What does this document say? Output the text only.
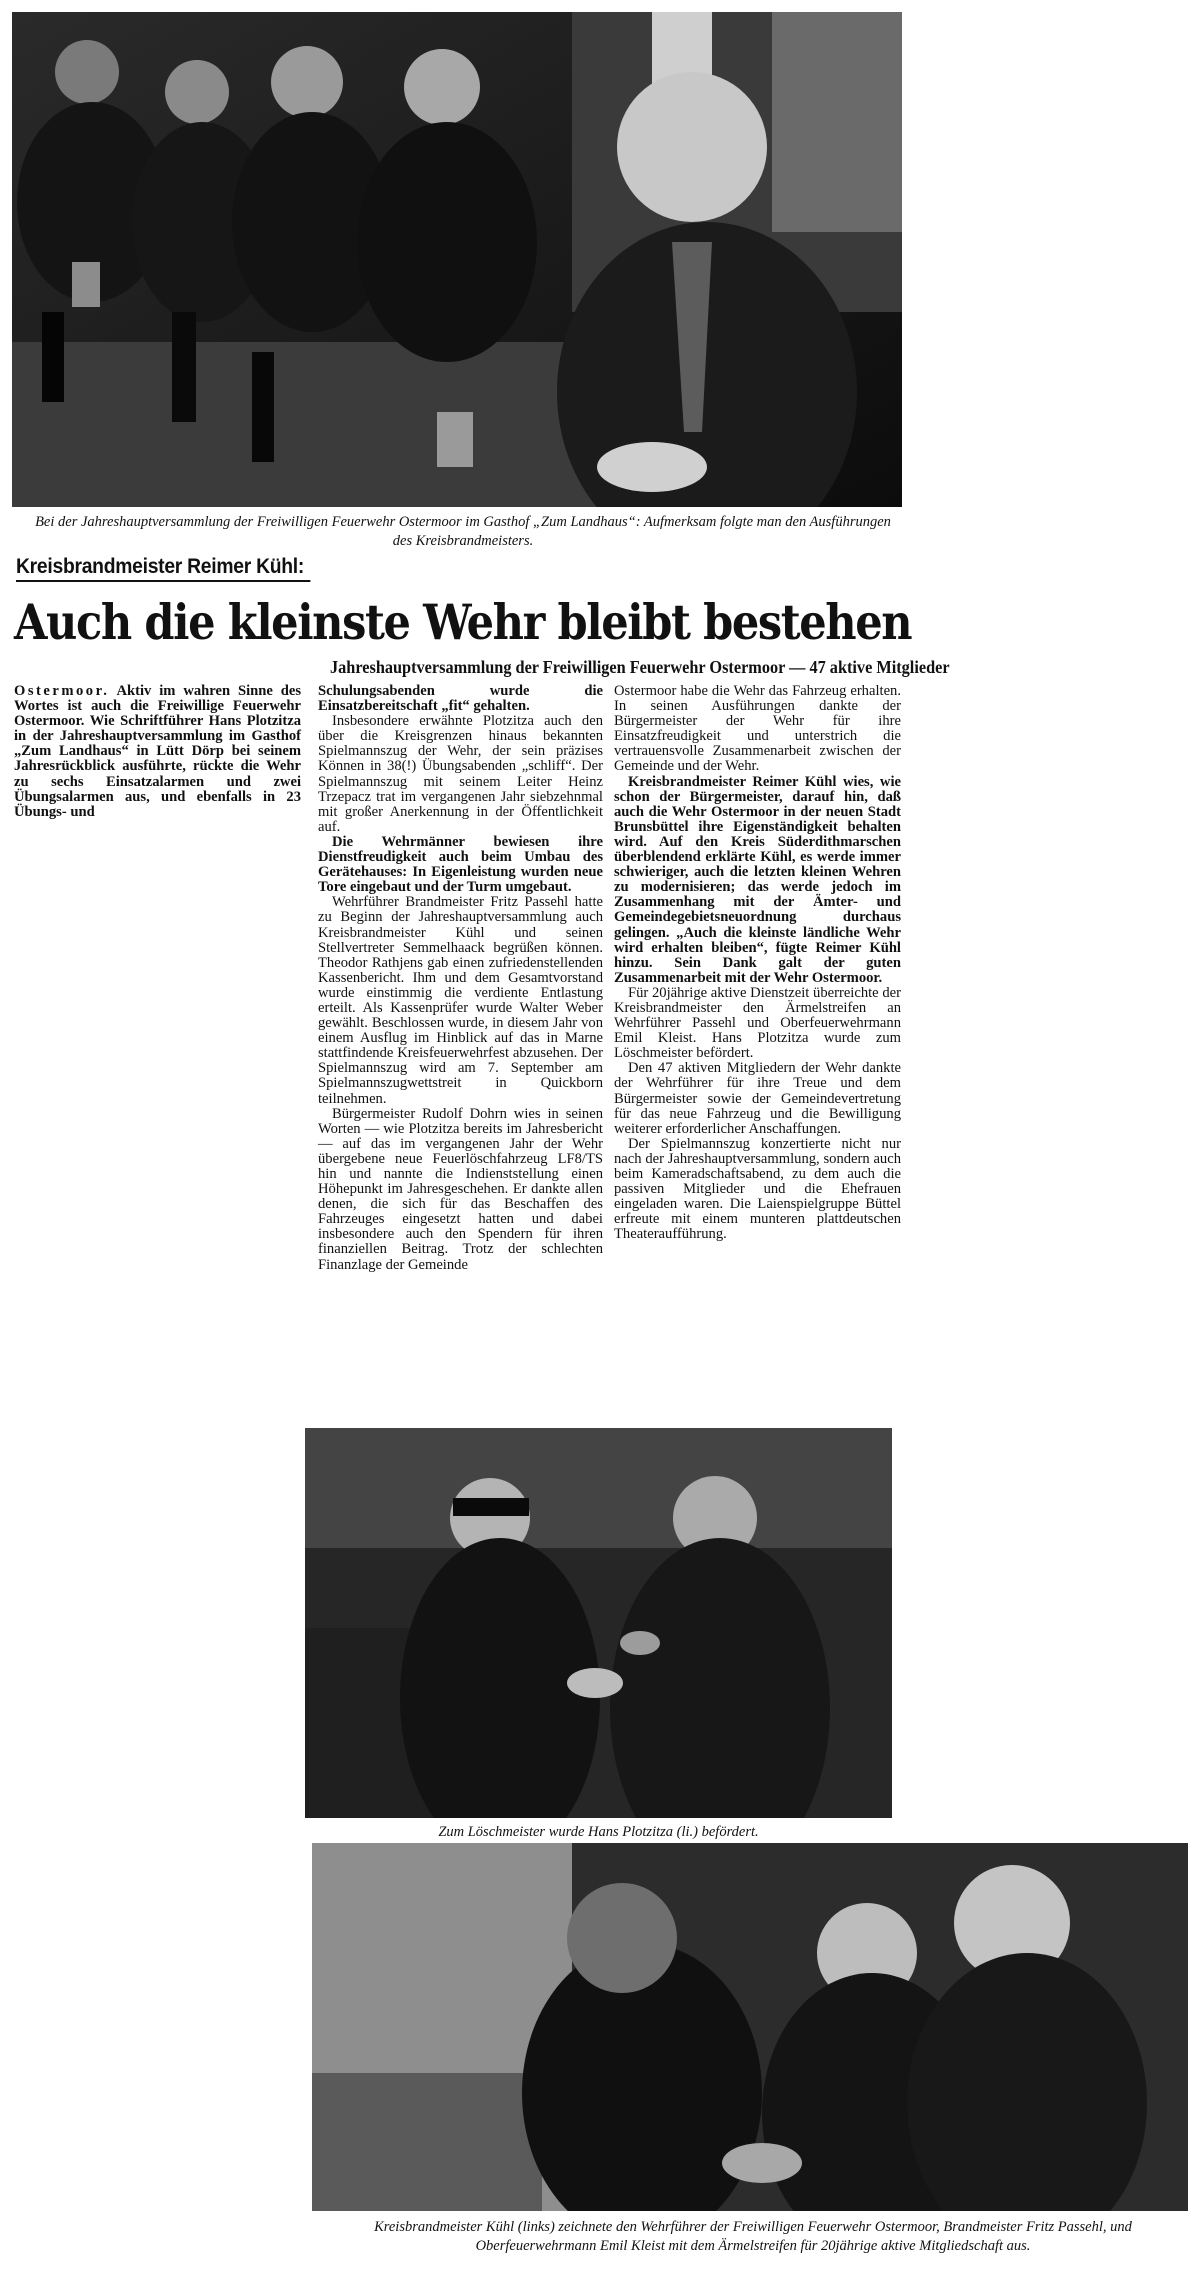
Bei der Jahreshauptversammlung der Freiwilligen Feuerwehr Ostermoor im Gasthof „Zum Landhaus“: Aufmerksam folgte man den Ausführungen des Kreisbrandmeisters.
Kreisbrandmeister Reimer Kühl:
Auch die kleinste Wehr bleibt bestehen
Jahreshauptversammlung der Freiwilligen Feuerwehr Ostermoor — 47 aktive Mitglieder

Ostermoor. Aktiv im wahren Sinne des Wortes ist auch die Freiwillige Feuerwehr Ostermoor. Wie Schriftführer Hans Plotzitza in der Jahreshauptversammlung im Gasthof „Zum Landhaus“ in Lütt Dörp bei seinem Jahresrückblick ausführte, rückte die Wehr zu sechs Einsatzalarmen und zwei Übungsalarmen aus, und ebenfalls in 23 Übungs- und

Schulungsabenden wurde die Einsatzbereitschaft „fit“ gehalten.

Insbesondere erwähnte Plotzitza auch den über die Kreisgrenzen hinaus bekannten Spielmannszug der Wehr, der sein präzises Können in 38(!) Übungsabenden „schliff“. Der Spielmannszug mit seinem Leiter Heinz Trzepacz trat im vergangenen Jahr siebzehnmal mit großer Anerkennung in der Öffentlichkeit auf.

Die Wehrmänner bewiesen ihre Dienstfreudigkeit auch beim Umbau des Gerätehauses: In Eigenleistung wurden neue Tore eingebaut und der Turm umgebaut.

Wehrführer Brandmeister Fritz Passehl hatte zu Beginn der Jahreshauptversammlung auch Kreisbrandmeister Kühl und seinen Stellvertreter Semmelhaack begrüßen können. Theodor Rathjens gab einen zufriedenstellenden Kassenbericht. Ihm und dem Gesamtvorstand wurde einstimmig die verdiente Entlastung erteilt. Als Kassenprüfer wurde Walter Weber gewählt. Beschlossen wurde, in diesem Jahr von einem Ausflug im Hinblick auf das in Marne stattfindende Kreisfeuerwehrfest abzusehen. Der Spielmannszug wird am 7. September am Spielmannszugwettstreit in Quickborn teilnehmen.

Bürgermeister Rudolf Dohrn wies in seinen Worten — wie Plotzitza bereits im Jahresbericht — auf das im vergangenen Jahr der Wehr übergebene neue Feuerlöschfahrzeug LF8/TS hin und nannte die Indienststellung einen Höhepunkt im Jahresgeschehen. Er dankte allen denen, die sich für das Beschaffen des Fahrzeuges eingesetzt hatten und dabei insbesondere auch den Spendern für ihren finanziellen Beitrag. Trotz der schlechten Finanzlage der Gemeinde

Ostermoor habe die Wehr das Fahrzeug erhalten. In seinen Ausführungen dankte der Bürgermeister der Wehr für ihre Einsatzfreudigkeit und unterstrich die vertrauensvolle Zusammenarbeit zwischen der Gemeinde und der Wehr.

Kreisbrandmeister Reimer Kühl wies, wie schon der Bürgermeister, darauf hin, daß auch die Wehr Ostermoor in der neuen Stadt Brunsbüttel ihre Eigenständigkeit behalten wird. Auf den Kreis Süderdithmarschen überblendend erklärte Kühl, es werde immer schwieriger, auch die letzten kleinen Wehren zu modernisieren; das werde jedoch im Zusammenhang mit der Ämter- und Gemeindegebietsneuordnung durchaus gelingen. „Auch die kleinste ländliche Wehr wird erhalten bleiben“, fügte Reimer Kühl hinzu. Sein Dank galt der guten Zusammenarbeit mit der Wehr Ostermoor.

Für 20jährige aktive Dienstzeit überreichte der Kreisbrandmeister den Ärmelstreifen an Wehrführer Passehl und Oberfeuerwehrmann Emil Kleist. Hans Plotzitza wurde zum Löschmeister befördert.

Den 47 aktiven Mitgliedern der Wehr dankte der Wehrführer für ihre Treue und dem Bürgermeister sowie der Gemeindevertretung für das neue Fahrzeug und die Bewilligung weiterer erforderlicher Anschaffungen.

Der Spielmannszug konzertierte nicht nur nach der Jahreshauptversammlung, sondern auch beim Kameradschaftsabend, zu dem auch die passiven Mitglieder und die Ehefrauen eingeladen waren. Die Laienspielgruppe Büttel erfreute mit einem munteren plattdeutschen Theateraufführung.

Zum Löschmeister wurde Hans Plotzitza (li.) befördert.
Kreisbrandmeister Kühl (links) zeichnete den Wehrführer der Freiwilligen Feuerwehr Ostermoor, Brandmeister Fritz Passehl, und Oberfeuerwehrmann Emil Kleist mit dem Ärmelstreifen für 20jährige aktive Mitgliedschaft aus.
